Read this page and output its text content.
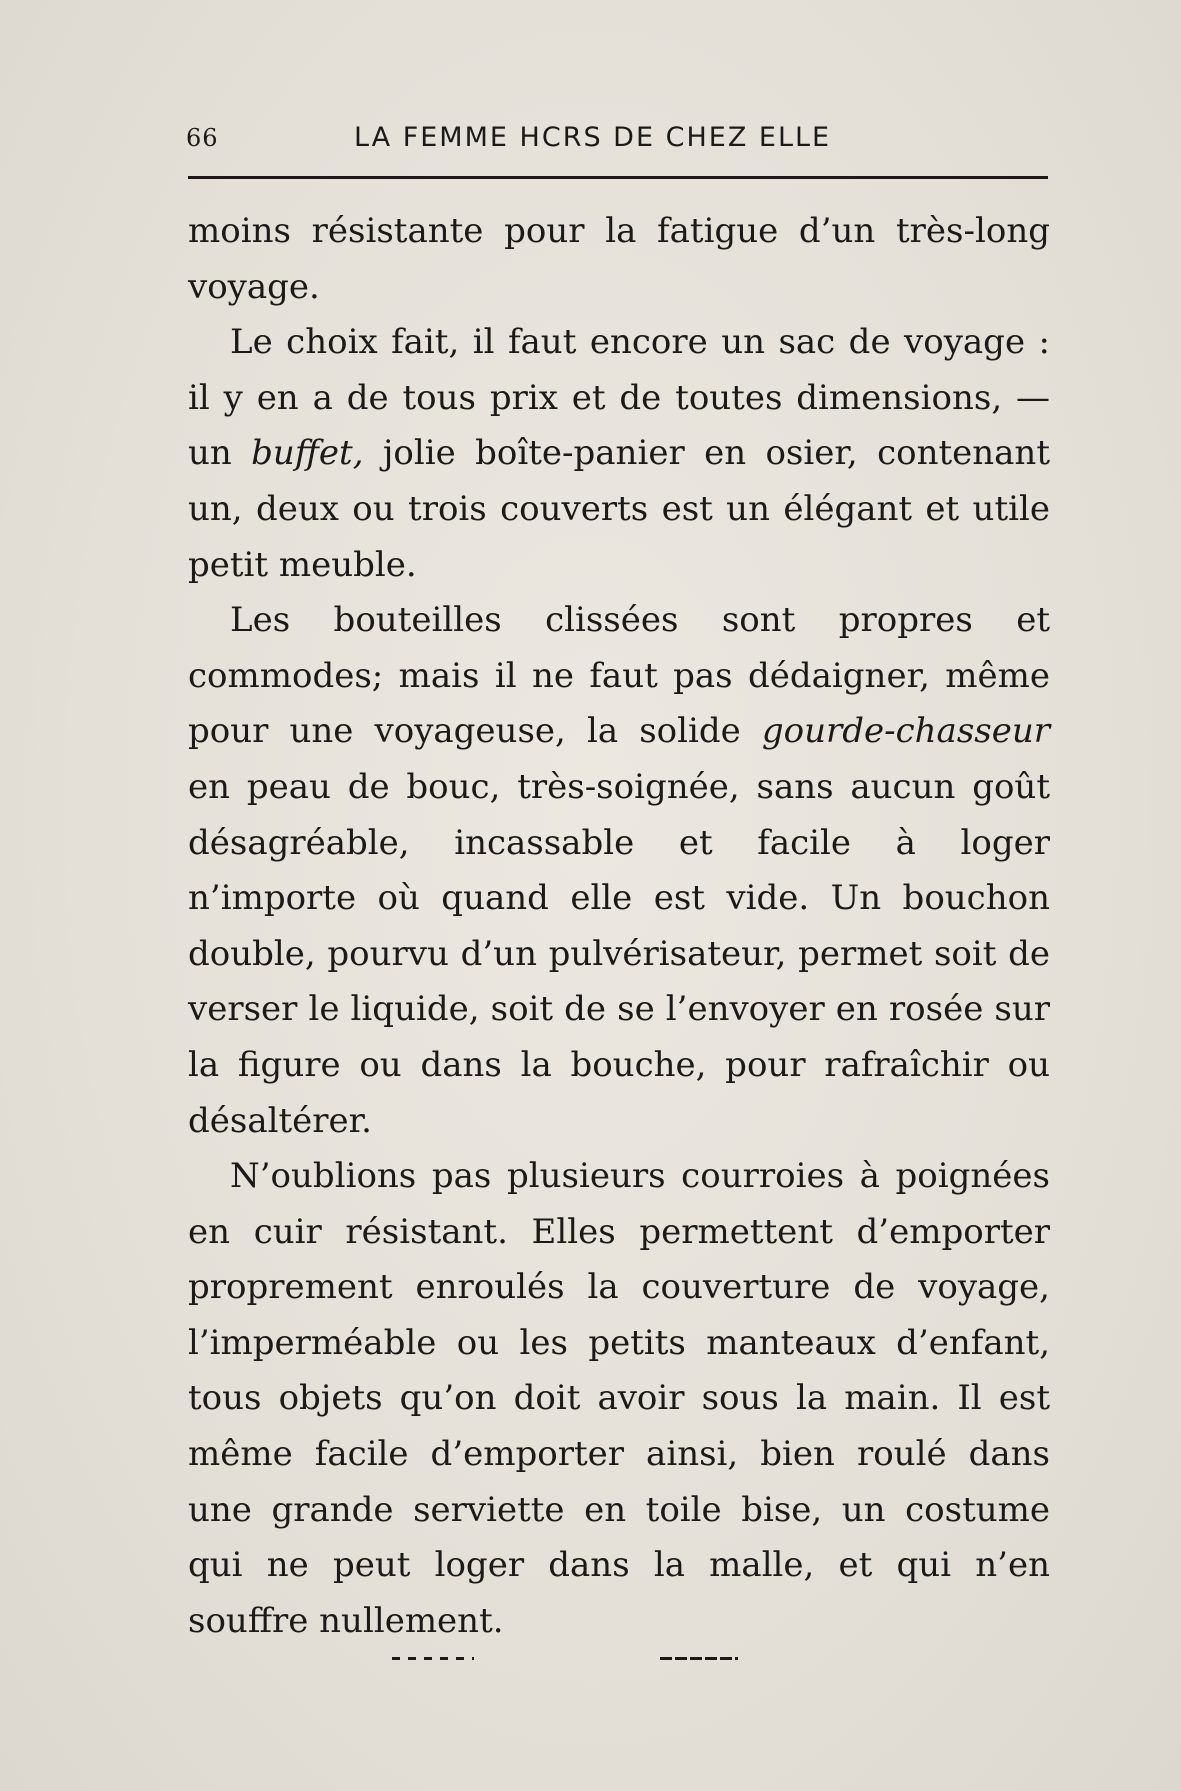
66	LA FEMME HCRS DE CHEZ ELLE

moins résistante pour la fatigue d’un très-long voyage.

Le choix fait, il faut encore un sac de voyage : il y en a de tous prix et de toutes dimensions, — un buffet, jolie boîte-panier en osier, contenant un, deux ou trois couverts est un élégant et utile petit meuble.

Les bouteilles clissées sont propres et commodes; mais il ne faut pas dédaigner, même pour une voyageuse, la solide gourde-chasseur en peau de bouc, très-soignée, sans aucun goût désagréable, incassable et facile à loger n’importe où quand elle est vide. Un bouchon double, pourvu d’un pulvérisateur, permet soit de verser le liquide, soit de se l’envoyer en rosée sur la figure ou dans la bouche, pour rafraîchir ou désaltérer.

N’oublions pas plusieurs courroies à poignées en cuir résistant. Elles permettent d’emporter proprement enroulés la couverture de voyage, l’imperméable ou les petits manteaux d’enfant, tous objets qu’on doit avoir sous la main. Il est même facile d’emporter ainsi, bien roulé dans une grande serviette en toile bise, un costume qui ne peut loger dans la malle, et qui n’en souffre nullement.
